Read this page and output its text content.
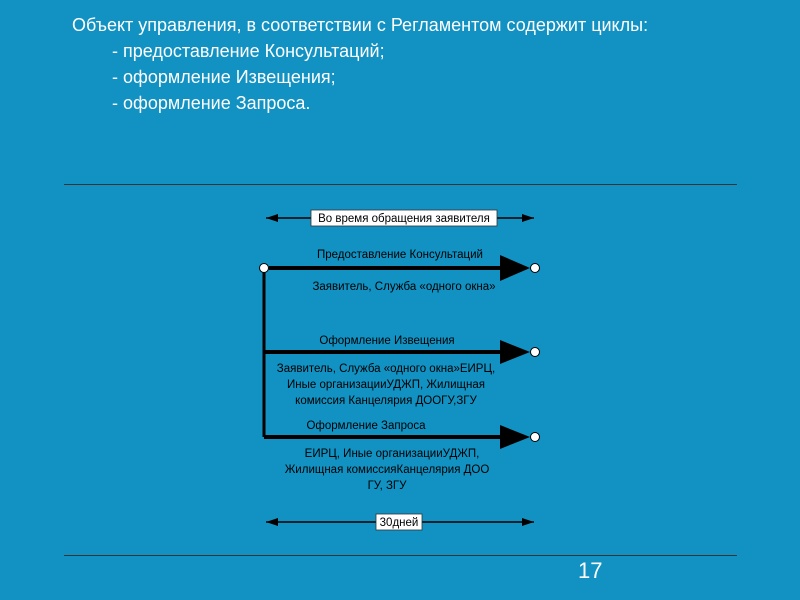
Объект управления, в соответствии с Регламентом содержит циклы:
- предоставление Консультаций;
- оформление Извещения;
- оформление Запроса.
Во время обращения заявителя
Предоставление Консультаций
Заявитель, Служба «одного окна»
Оформление Извещения
Заявитель, Служба «одного окна»ЕИРЦ,
Иные организацииУДЖП, Жилищная
комиссия Канцелярия ДООГУ,ЗГУ
Оформление Запроса
ЕИРЦ, Иные организацииУДЖП,
Жилищная комиссияКанцелярия ДОО
ГУ, ЗГУ
30дней
17
